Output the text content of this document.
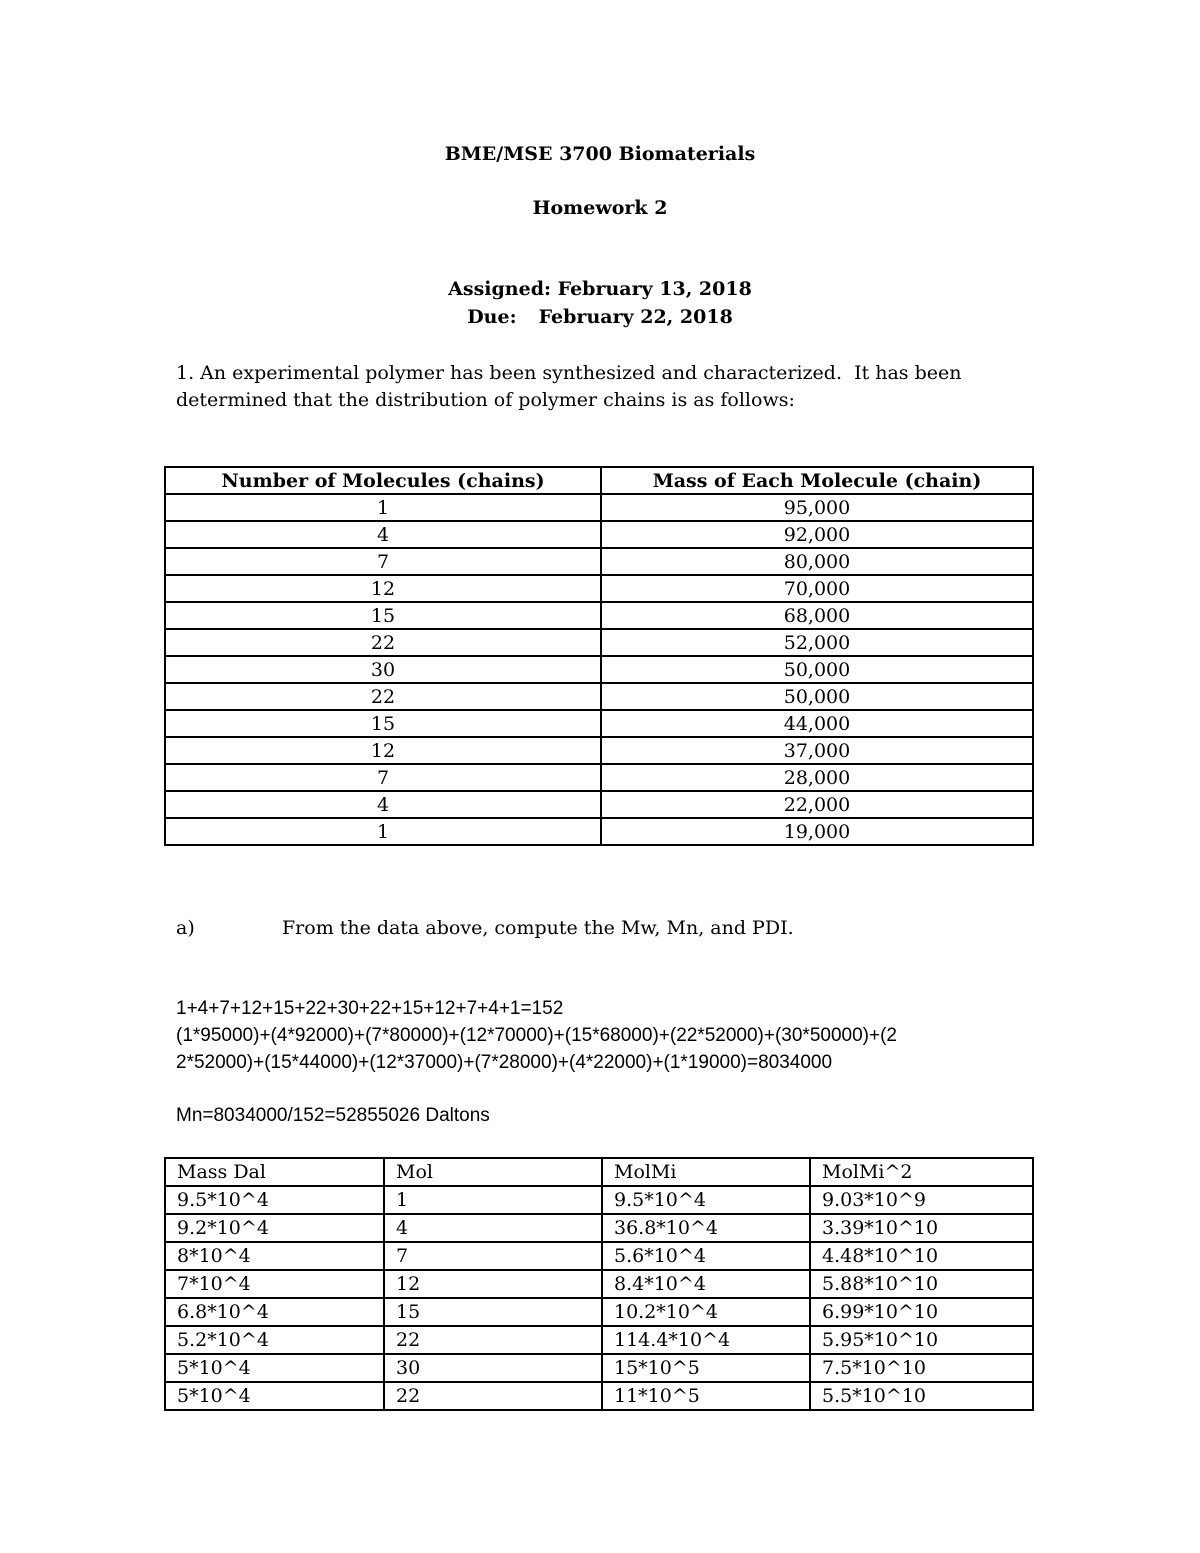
BME/MSE 3700 Biomaterials
Homework 2
Assigned: February 13, 2018
Due: February 22, 2018
1. An experimental polymer has been synthesized and characterized.  It has been
determined that the distribution of polymer chains is as follows:
Number of Molecules (chains)	Mass of Each Molecule (chain)
1	95,000
4	92,000
7	80,000
12	70,000
15	68,000
22	52,000
30	50,000
22	50,000
15	44,000
12	37,000
7	28,000
4	22,000
1	19,000
a)	From the data above, compute the Mw, Mn, and PDI.
1+4+7+12+15+22+30+22+15+12+7+4+1=152
(1*95000)+(4*92000)+(7*80000)+(12*70000)+(15*68000)+(22*52000)+(30*50000)+(2
2*52000)+(15*44000)+(12*37000)+(7*28000)+(4*22000)+(1*19000)=8034000
Mn=8034000/152=52855026 Daltons
Mass Dal	Mol	MolMi	MolMi^2
9.5*10^4	1	9.5*10^4	9.03*10^9
9.2*10^4	4	36.8*10^4	3.39*10^10
8*10^4	7	5.6*10^4	4.48*10^10
7*10^4	12	8.4*10^4	5.88*10^10
6.8*10^4	15	10.2*10^4	6.99*10^10
5.2*10^4	22	114.4*10^4	5.95*10^10
5*10^4	30	15*10^5	7.5*10^10
5*10^4	22	11*10^5	5.5*10^10
